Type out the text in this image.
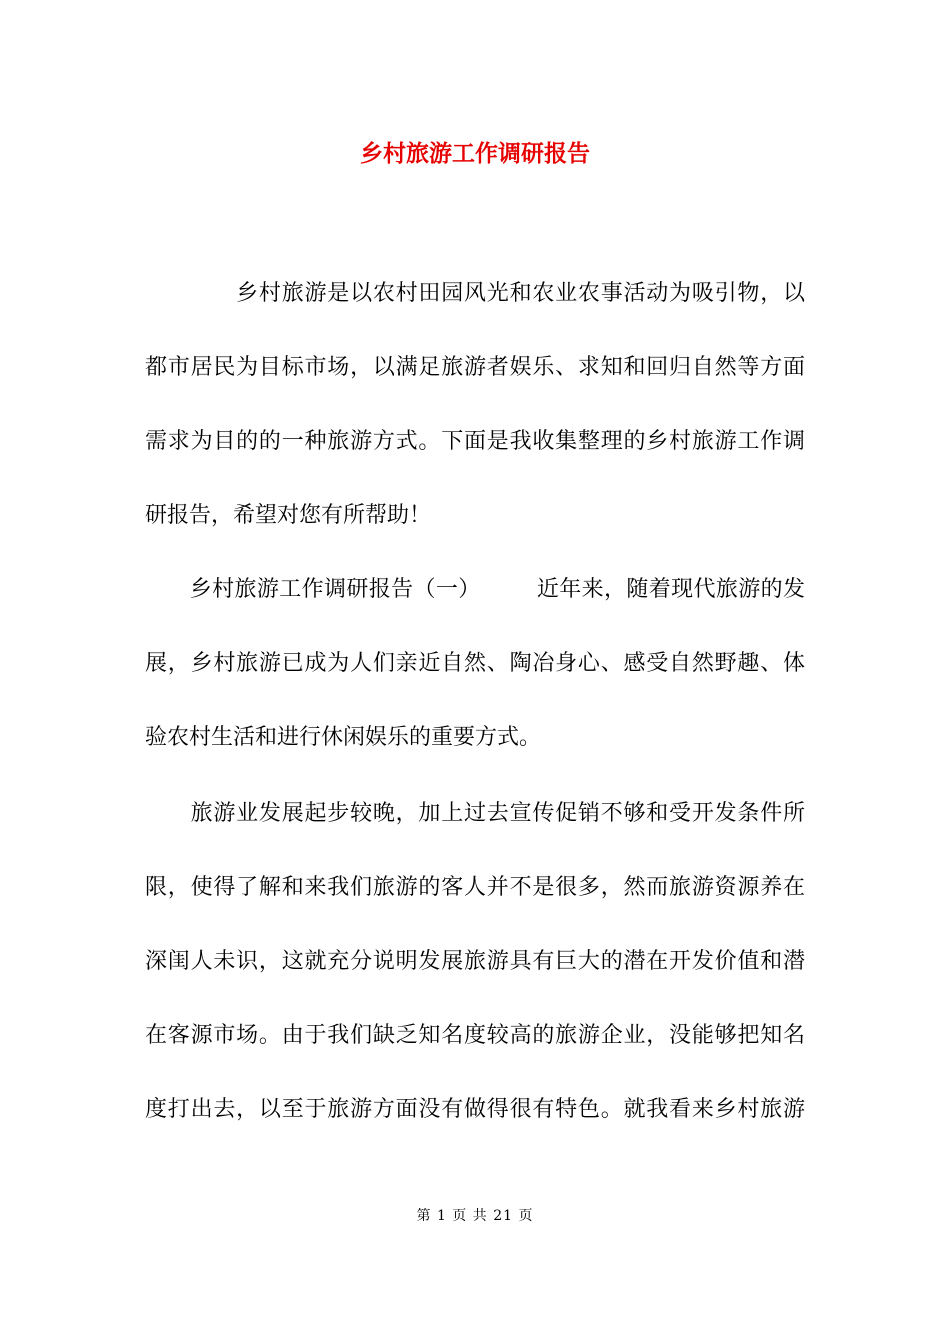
乡村旅游工作调研报告
　　　　乡村旅游是以农村田园风光和农业农事活动为吸引物，以
都市居民为目标市场，以满足旅游者娱乐、求知和回归自然等方面
需求为目的的一种旅游方式。下面是我收集整理的乡村旅游工作调
研报告，希望对您有所帮助！
　　乡村旅游工作调研报告（一）　　　近年来，随着现代旅游的发
展，乡村旅游已成为人们亲近自然、陶冶身心、感受自然野趣、体
验农村生活和进行休闲娱乐的重要方式。
　　旅游业发展起步较晚，加上过去宣传促销不够和受开发条件所
限，使得了解和来我们旅游的客人并不是很多，然而旅游资源养在
深闺人未识，这就充分说明发展旅游具有巨大的潜在开发价值和潜
在客源市场。由于我们缺乏知名度较高的旅游企业，没能够把知名
度打出去，以至于旅游方面没有做得很有特色。就我看来乡村旅游
第 1 页 共 21 页
